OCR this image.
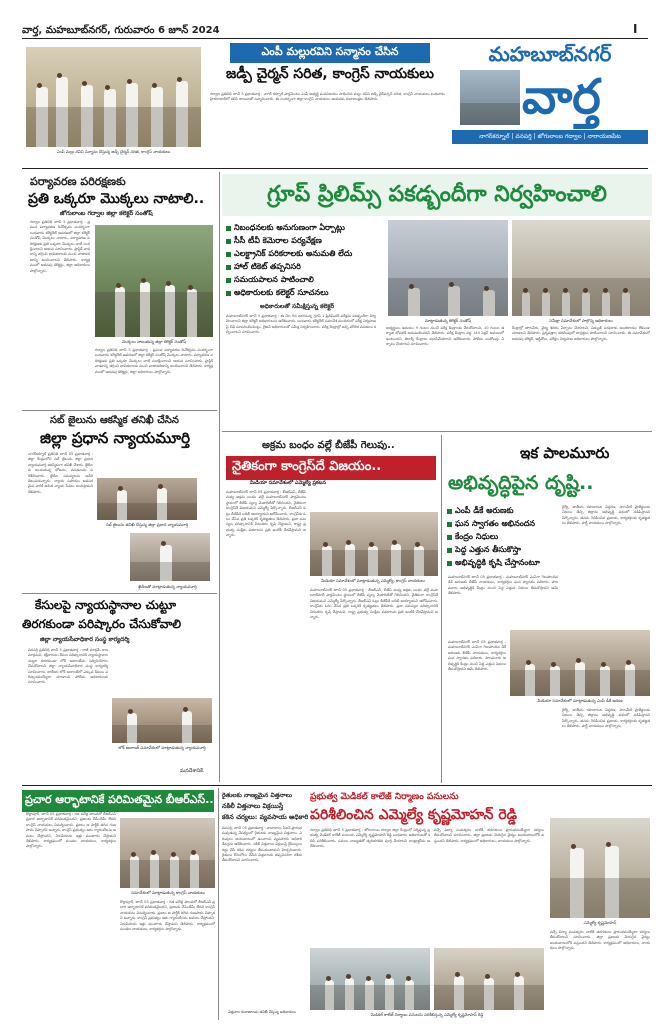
వార్త, మహబూబ్‌నగర్, గురువారం 6 జూన్ 2024	I
ఎంపీ మల్లు రవిని సన్మానం చేస్తున్న జడ్పీ చైర్మన్ సరిత, కాంగ్రెస్ నాయకులు
ఎంపీ మల్లురవిని సన్మానం చేసిన
జడ్పీ చైర్మన్ సరిత, కాంగ్రెస్ నాయకులు
గద్వాల ప్రతినిధి జూన్ 5 ప్రభాతవార్త : నాగర్ కర్నూల్ పార్లమెంటు ఎంపీ అభ్యర్థి ఘనవిజయం సాధించిన మల్లు రవిని జడ్పీ చైర్‌పర్సన్ సరిత, కాంగ్రెస్ నాయకులు బుధవారం హైదరాబాద్‌లో కలిసి శాలువాతో సన్మానించారు. ఈ సందర్భంగా జిల్లా కాంగ్రెస్ నాయకులు ఆయనకు శుభాకాంక్షలు తెలిపారు.
మహబూబ్‌నగర్
వార్త
నాగర్‌కర్నూల్ | వనపర్తి | జోగులాంబ గద్వాల | నారాయణపేట
పర్యావరణ పరిరక్షణకు
ప్రతి ఒక్కరూ మొక్కలు నాటాలి..
జోగులాంబ గద్వాల జిల్లా కలెక్టర్ సంతోష్
గద్వాల ప్రతినిధి జూన్ 5 ప్రభాతవార్త : ప్రపంచ పర్యావరణ దినోత్సవం సందర్భంగా బుధవారం కలెక్టరేట్ ఆవరణలో జిల్లా కలెక్టర్ సంతోష్ మొక్కలు నాటారు. పర్యావరణ పరిరక్షణకు ప్రతి ఒక్కరూ మొక్కలు నాటి సంరక్షించాలని ఆయన సూచించారు. ప్లాస్టిక్ వాడకాన్ని తగ్గించి భావితరాలకు మంచి వాతావరణాన్ని అందించాలని తెలిపారు. కార్యక్రమంలో అదనపు కలెక్టర్లు, జిల్లా అధికారులు పాల్గొన్నారు.
మొక్కలు నాటుతున్న జిల్లా కలెక్టర్ సంతోష్
గద్వాల ప్రతినిధి జూన్ 5 ప్రభాతవార్త : ప్రపంచ పర్యావరణ దినోత్సవం సందర్భంగా బుధవారం కలెక్టరేట్ ఆవరణలో జిల్లా కలెక్టర్ సంతోష్ మొక్కలు నాటారు. పర్యావరణ పరిరక్షణకు ప్రతి ఒక్కరూ మొక్కలు నాటి సంరక్షించాలని ఆయన సూచించారు. ప్లాస్టిక్ వాడకాన్ని తగ్గించి భావితరాలకు మంచి వాతావరణాన్ని అందించాలని తెలిపారు. కార్యక్రమంలో అదనపు కలెక్టర్లు, జిల్లా అధికారులు పాల్గొన్నారు.
సబ్ జైలును ఆకస్మిక తనిఖీ చేసిన
జిల్లా ప్రధాన న్యాయమూర్తి
నాగర్‌కర్నూల్ ప్రతినిధి జూన్ 05 ప్రభాతవార్త : జిల్లా కేంద్రంలోని సబ్ జైలును జిల్లా ప్రధాన న్యాయమూర్తి ఆకస్మికంగా తనిఖీ చేశారు. ఖైదీలకు అందుతున్న భోజనం, వసతులను పరిశీలించారు. ఖైదీల సమస్యలను అడిగి తెలుసుకున్నారు. న్యాయ సహాయం అవసరమైన వారికి ఉచిత న్యాయ సేవలు అందిస్తామని తెలిపారు.
సబ్ జైలును తనిఖీ చేస్తున్న జిల్లా ప్రధాన న్యాయమూర్తి
ఖైదీలతో మాట్లాడుతున్న న్యాయమూర్తి
కేసులపై న్యాయస్థానాల చుట్టూ
తిరగకుండా పరిష్కారం చేసుకోవాలి
జిల్లా న్యాయసేవాధికార సంస్థ కార్యదర్శి
వనపర్తి ప్రతినిధి జూన్ 5 ప్రభాతవార్త : రాజీ మార్గమే రాజమార్గమని, కక్షిదారులు కేసుల పరిష్కారానికి న్యాయస్థానాల చుట్టూ తిరగకుండా లోక్ అదాలత్‌ను సద్వినియోగం చేసుకోవాలని జిల్లా న్యాయసేవాధికార సంస్థ కార్యదర్శి సూచించారు. జాతీయ లోక్ అదాలత్‌లో ఎక్కువ కేసులు పరిష్కారమయ్యేలా చూడాలని పోలీసు అధికారులకు సూచించారు.
లోక్ అదాలత్ సమావేశంలో మాట్లాడుతున్న న్యాయమూర్తి
మనదేశానికే.
గ్రూప్ ప్రిలిమ్స్ పకడ్బందీగా నిర్వహించాలి
నిబంధనలకు అనుగుణంగా ఏర్పాట్లు
సీసీ టీవీ కెమెరాల పర్యవేక్షణ
ఎలక్ట్రానిక్ పరికరాలకు అనుమతి లేదు
హాల్ టికెట్ తప్పనిసరి
సమయపాలన పాటించాలి
అధికారులకు కలెక్టర్ సూచనలు
అధికారులతో సమీక్షిస్తున్న కలెక్టర్
మాట్లాడుతున్న కలెక్టర్ సంతోష్	సమీక్షా సమావేశంలో పాల్గొన్న అధికారులు
మహబూబ్‌నగర్ జూన్ 5 ప్రభాతవార్త : ఈ నెల 9న జరగనున్న గ్రూప్ 1 ప్రిలిమినరీ పరీక్షను పకడ్బందీగా నిర్వహించాలని జిల్లా కలెక్టర్ అధికారులను ఆదేశించారు. బుధవారం కలెక్టరేట్ సమావేశ మందిరంలో పరీక్ష నిర్వహణపై చీఫ్ సూపరింటెండెంట్లు, లైజన్ అధికారులతో సమీక్ష నిర్వహించారు. పరీక్ష కేంద్రాల్లో అన్ని మౌలిక వసతులు కల్పించాలని సూచించారు.
అభ్యర్థులు ఉదయం 9 గంటల నుంచే పరీక్ష కేంద్రాలకు చేరుకోవాలని, 10 గంటల తర్వాత లోపలికి అనుమతించరని తెలిపారు. పరీక్ష కేంద్రాల వద్ద 144 సెక్షన్ అమలులో ఉంటుందని, జిరాక్స్ కేంద్రాలు మూసివేయాలని ఆదేశించారు. పోలీసు బందోబస్తు ఏర్పాటు చేయాలని సూచించారు.
కేంద్రాల్లో తాగునీరు, వైద్య శిబిరం ఏర్పాటు చేయాలని, విద్యుత్ సరఫరాకు అంతరాయం లేకుండా చూడాలని తెలిపారు. ప్రశ్నపత్రాల తరలింపులో జాగ్రత్తలు పాటించాలని సూచించారు. ఈ సమావేశంలో అదనపు కలెక్టర్, ఆర్డీవోలు, పరీక్షల నిర్వహణ అధికారులు పాల్గొన్నారు.
అక్రమ బంధం వల్లే బీజేపీ గెలుపు..
నైతికంగా కాంగ్రెస్‌దే విజయం..
మీడియా సమావేశంలో ఎమ్మెల్యే ప్రకటన
మహబూబ్‌నగర్ జూన్ 05 ప్రభాతవార్త : బీఆర్‌ఎస్, బీజేపీ మధ్య అక్రమ బంధం వల్లే మహబూబ్‌నగర్ పార్లమెంటు స్థానంలో బీజేపీ స్వల్ప మెజారిటీతో గెలిచిందని, నైతికంగా కాంగ్రెస్‌దే విజయమని ఎమ్మెల్యే పేర్కొన్నారు. బీఆర్‌ఎస్ ఓట్లు బీజేపీకి బదిలీ అయ్యాయని ఆరోపించారు. కాంగ్రెస్‌కు ఓటు వేసిన ప్రతి ఒక్కరికీ కృతజ్ఞతలు తెలిపారు. ప్రజా సమస్యల పరిష్కారానికి నిరంతరం కృషి చేస్తామని, రాష్ట్ర ప్రభుత్వ సంక్షేమ పథకాలను ప్రతి ఇంటికి చేరవేస్తామని అన్నారు.
మీడియా సమావేశంలో మాట్లాడుతున్న ఎమ్మెల్యే, కాంగ్రెస్ నాయకులు
మహబూబ్‌నగర్ జూన్ 05 ప్రభాతవార్త : బీఆర్‌ఎస్, బీజేపీ మధ్య అక్రమ బంధం వల్లే మహబూబ్‌నగర్ పార్లమెంటు స్థానంలో బీజేపీ స్వల్ప మెజారిటీతో గెలిచిందని, నైతికంగా కాంగ్రెస్‌దే విజయమని ఎమ్మెల్యే పేర్కొన్నారు. బీఆర్‌ఎస్ ఓట్లు బీజేపీకి బదిలీ అయ్యాయని ఆరోపించారు. కాంగ్రెస్‌కు ఓటు వేసిన ప్రతి ఒక్కరికీ కృతజ్ఞతలు తెలిపారు. ప్రజా సమస్యల పరిష్కారానికి నిరంతరం కృషి చేస్తామని, రాష్ట్ర ప్రభుత్వ సంక్షేమ పథకాలను ప్రతి ఇంటికి చేరవేస్తామని అన్నారు.
ఇక పాలమూరు
అభివృద్ధిపైన దృష్టి..
ఎంపీ డీకే అరుణకు
ఘన స్వాగతం అభినందన
కేంద్రం నిధులు
పెద్ద ఎత్తున తీసుకొస్తా
అభివృద్ధికి కృషి చేస్తానంటూ
మహబూబ్‌నగర్ జూన్ 05 ప్రభాతవార్త : మహబూబ్‌నగర్ ఎంపీగా గెలుపొందిన డీకే అరుణకు బీజేపీ నాయకులు, కార్యకర్తలు ఘన స్వాగతం పలికారు. పాలమూరు అభివృద్ధికి కేంద్రం నుంచి పెద్ద ఎత్తున నిధులు తీసుకొస్తానని ఆమె తెలిపారు.
రైల్వే, జాతీయ రహదారుల విస్తరణ, సాగునీటి ప్రాజెక్టులకు నిధులు తెచ్చి జిల్లాను అభివృద్ధి పథంలో నడిపిస్తానని పేర్కొన్నారు. తనను గెలిపించిన ప్రజలకు, కార్యకర్తలకు కృతజ్ఞతలు తెలిపారు. పార్టీ నాయకులు పాల్గొన్నారు.
మీడియా సమావేశంలో మాట్లాడుతున్న ఎంపీ డీకే అరుణ
రైల్వే, జాతీయ రహదారుల విస్తరణ, సాగునీటి ప్రాజెక్టులకు నిధులు తెచ్చి జిల్లాను అభివృద్ధి పథంలో నడిపిస్తానని పేర్కొన్నారు. తనను గెలిపించిన ప్రజలకు, కార్యకర్తలకు కృతజ్ఞతలు తెలిపారు. పార్టీ నాయకులు పాల్గొన్నారు.
మహబూబ్‌నగర్ జూన్ 05 ప్రభాతవార్త : మహబూబ్‌నగర్ ఎంపీగా గెలుపొందిన డీకే అరుణకు బీజేపీ నాయకులు, కార్యకర్తలు ఘన స్వాగతం పలికారు. పాలమూరు అభివృద్ధికి కేంద్రం నుంచి పెద్ద ఎత్తున నిధులు తీసుకొస్తానని ఆమె తెలిపారు.
ప్రచార ఆర్భాటానికే పరిమితమైన బీఆర్ఎస్..
కొల్లాపూర్, జూన్ 05 ప్రభాతవార్త : గత పదేళ్ల పాలనలో బీఆర్‌ఎస్ ప్రచార ఆర్భాటానికే పరిమితమైందని, ప్రజలకు చేసిందేమీ లేదని కాంగ్రెస్ నాయకులు విమర్శించారు. ప్రజలు ఆ పార్టీకి తగిన గుణపాఠం చెప్పారని అన్నారు. కాంగ్రెస్ ప్రభుత్వం ఆరు గ్యారంటీలను అమలు చేస్తోందని, నిరుపేదలకు ఇళ్లు మంజూరు చేస్తామని తెలిపారు. కార్యక్రమంలో మండల నాయకులు, కార్యకర్తలు పాల్గొన్నారు.
సమావేశంలో మాట్లాడుతున్న కాంగ్రెస్ నాయకులు
కొల్లాపూర్, జూన్ 05 ప్రభాతవార్త : గత పదేళ్ల పాలనలో బీఆర్‌ఎస్ ప్రచార ఆర్భాటానికే పరిమితమైందని, ప్రజలకు చేసిందేమీ లేదని కాంగ్రెస్ నాయకులు విమర్శించారు. ప్రజలు ఆ పార్టీకి తగిన గుణపాఠం చెప్పారని అన్నారు. కాంగ్రెస్ ప్రభుత్వం ఆరు గ్యారంటీలను అమలు చేస్తోందని, నిరుపేదలకు ఇళ్లు మంజూరు చేస్తామని తెలిపారు. కార్యక్రమంలో మండల నాయకులు, కార్యకర్తలు పాల్గొన్నారు.
రైతులకు నాణ్యమైన విత్తనాలు
నకిలీ విత్తనాలు విక్రయిస్తే
కఠిన చర్యలు: వ్యవసాయ అధికారి
వనపర్తి, జూన్ 05 ప్రభాతవార్త : వానాకాలం సీజన్ ప్రారంభమవుతున్న నేపథ్యంలో రైతులకు నాణ్యమైన విత్తనాలు, ఎరువులు అందుబాటులో ఉంచాలని వ్యవసాయ అధికారి డీలర్లను ఆదేశించారు. నకిలీ విత్తనాలు విక్రయిస్తే లైసెన్సులు రద్దు చేసి కఠిన చర్యలు తీసుకుంటామని హెచ్చరించారు. రైతులు కొనుగోలు చేసిన విత్తనాలకు తప్పనిసరిగా రశీదు తీసుకోవాలని సూచించారు.
విత్తనాల దుకాణాలను తనిఖీ చేస్తున్న అధికారులు
ప్రభుత్వ మెడికల్ కాలేజ్ నిర్మాణం పనులను
పరిశీలించిన ఎమ్మెల్యే కృష్ణమోహన్ రెడ్డి
గద్వాల ప్రతినిధి జూన్ 5 ప్రభాతవార్త : జోగులాంబ గద్వాల జిల్లా కేంద్రంలో నిర్మిస్తున్న ప్రభుత్వ మెడికల్ కాలేజ్ పనులను ఎమ్మెల్యే కృష్ణమోహన్ రెడ్డి బుధవారం అధికారులతో కలిసి పరిశీలించారు. పనులు నాణ్యతతో త్వరితగతిన పూర్తి చేయాలని కాంట్రాక్టర్‌ను ఆదేశించారు.
వచ్చే విద్యా సంవత్సరం నాటికి తరగతులు ప్రారంభమయ్యేలా చర్యలు తీసుకోవాలని సూచించారు. జిల్లా ప్రజలకు మెరుగైన వైద్యం అందుబాటులోకి వస్తుందని తెలిపారు. కార్యక్రమంలో అధికారులు, నాయకులు పాల్గొన్నారు.
మెడికల్ కాలేజ్ నిర్మాణం పనులను పరిశీలిస్తున్న ఎమ్మెల్యే కృష్ణమోహన్ రెడ్డి
ఎమ్మెల్యే కృష్ణమోహన్
వచ్చే విద్యా సంవత్సరం నాటికి తరగతులు ప్రారంభమయ్యేలా చర్యలు తీసుకోవాలని సూచించారు. జిల్లా ప్రజలకు మెరుగైన వైద్యం అందుబాటులోకి వస్తుందని తెలిపారు. కార్యక్రమంలో అధికారులు, నాయకులు పాల్గొన్నారు.
